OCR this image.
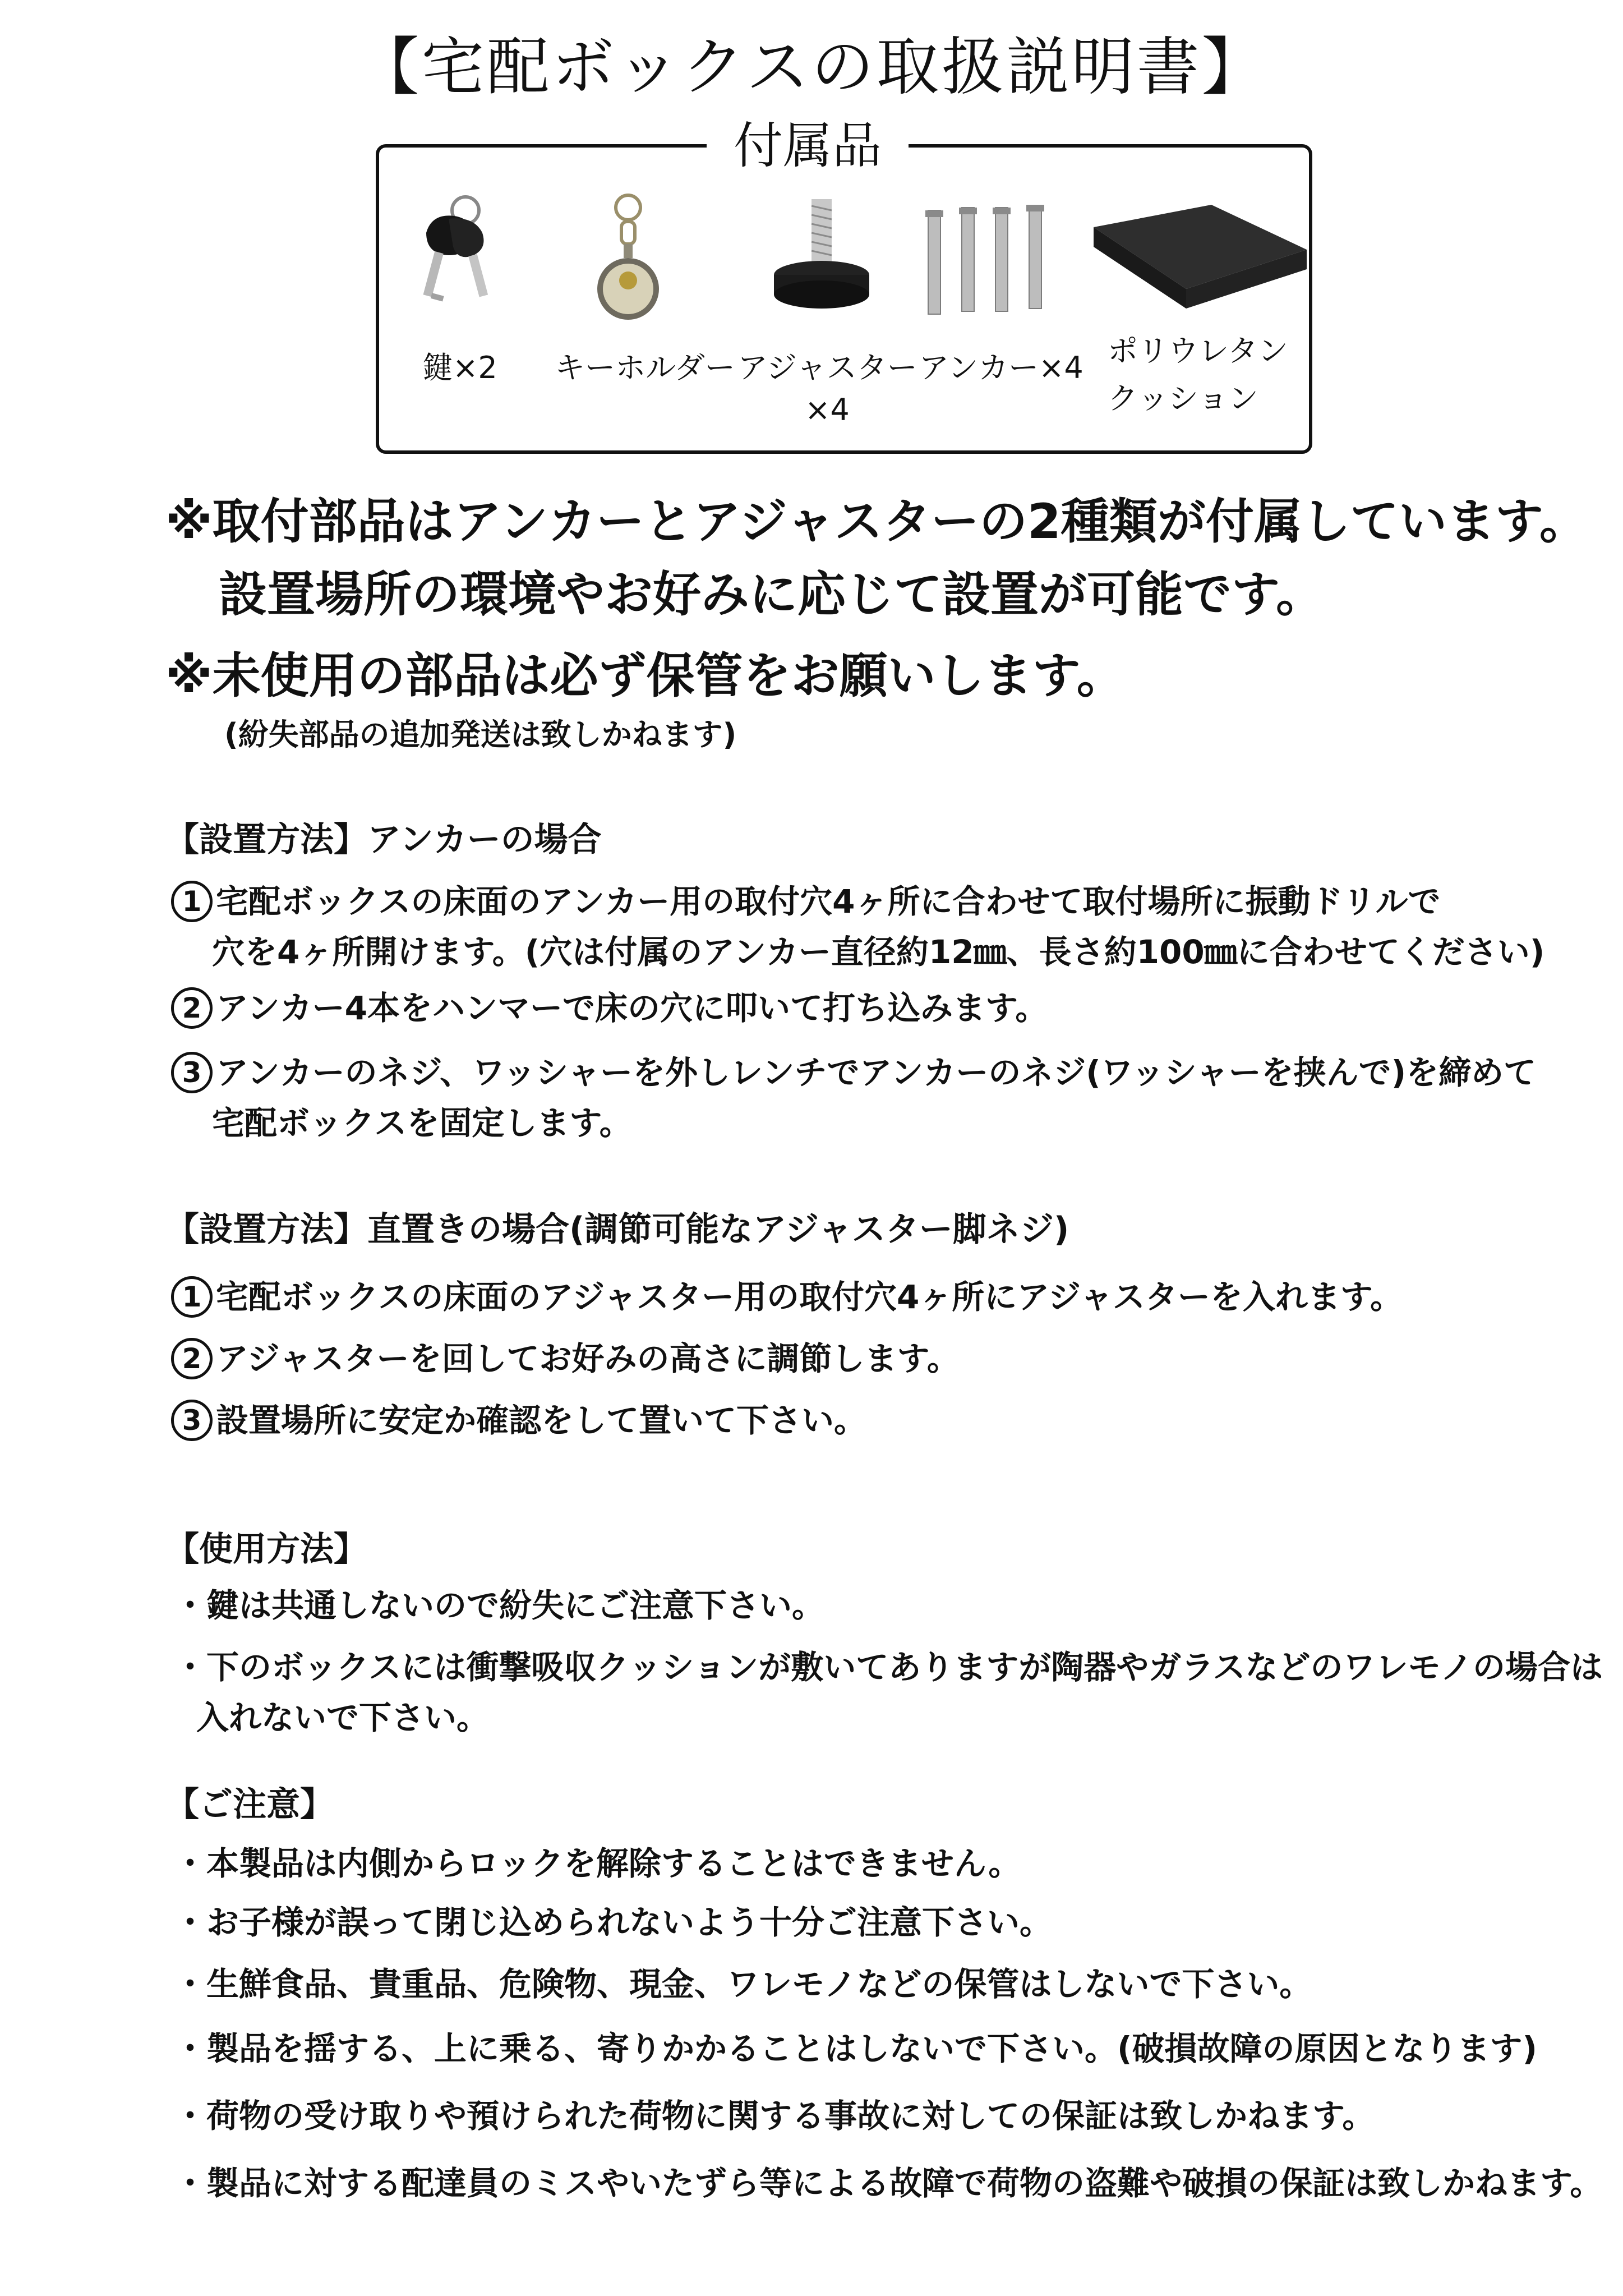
【宅配ボックスの取扱説明書】
付属品
鍵×2	キーホルダー アジャスター
×4
アンカー×4 ポリウレタン
クッション
※取付部品はアンカーとアジャスターの2種類が付属しています。
設置場所の環境やお好みに応じて設置が可能です。
※未使用の部品は必ず保管をお願いします。
(紛失部品の追加発送は致しかねます)
【設置方法】アンカーの場合
1 宅配ボックスの床面のアンカー用の取付穴4ヶ所に合わせて取付場所に振動ドリルで
穴を4ヶ所開けます。(穴は付属のアンカー直径約12㎜、長さ約100㎜に合わせてください)
2 アンカー4本をハンマーで床の穴に叩いて打ち込みます。
3 アンカーのネジ、ワッシャーを外しレンチでアンカーのネジ(ワッシャーを挟んで)を締めて
宅配ボックスを固定します。
【設置方法】直置きの場合(調節可能なアジャスター脚ネジ)
1 宅配ボックスの床面のアジャスター用の取付穴4ヶ所にアジャスターを入れます。
2 アジャスターを回してお好みの高さに調節します。
3 設置場所に安定か確認をして置いて下さい。
【使用方法】
・鍵は共通しないので紛失にご注意下さい。
・下のボックスには衝撃吸収クッションが敷いてありますが陶器やガラスなどのワレモノの場合は
入れないで下さい。
【ご注意】
・本製品は内側からロックを解除することはできません。
・お子様が誤って閉じ込められないよう十分ご注意下さい。
・生鮮食品、貴重品、危険物、現金、ワレモノなどの保管はしないで下さい。
・製品を揺する、上に乗る、寄りかかることはしないで下さい。(破損故障の原因となります)
・荷物の受け取りや預けられた荷物に関する事故に対しての保証は致しかねます。
・製品に対する配達員のミスやいたずら等による故障で荷物の盗難や破損の保証は致しかねます。
